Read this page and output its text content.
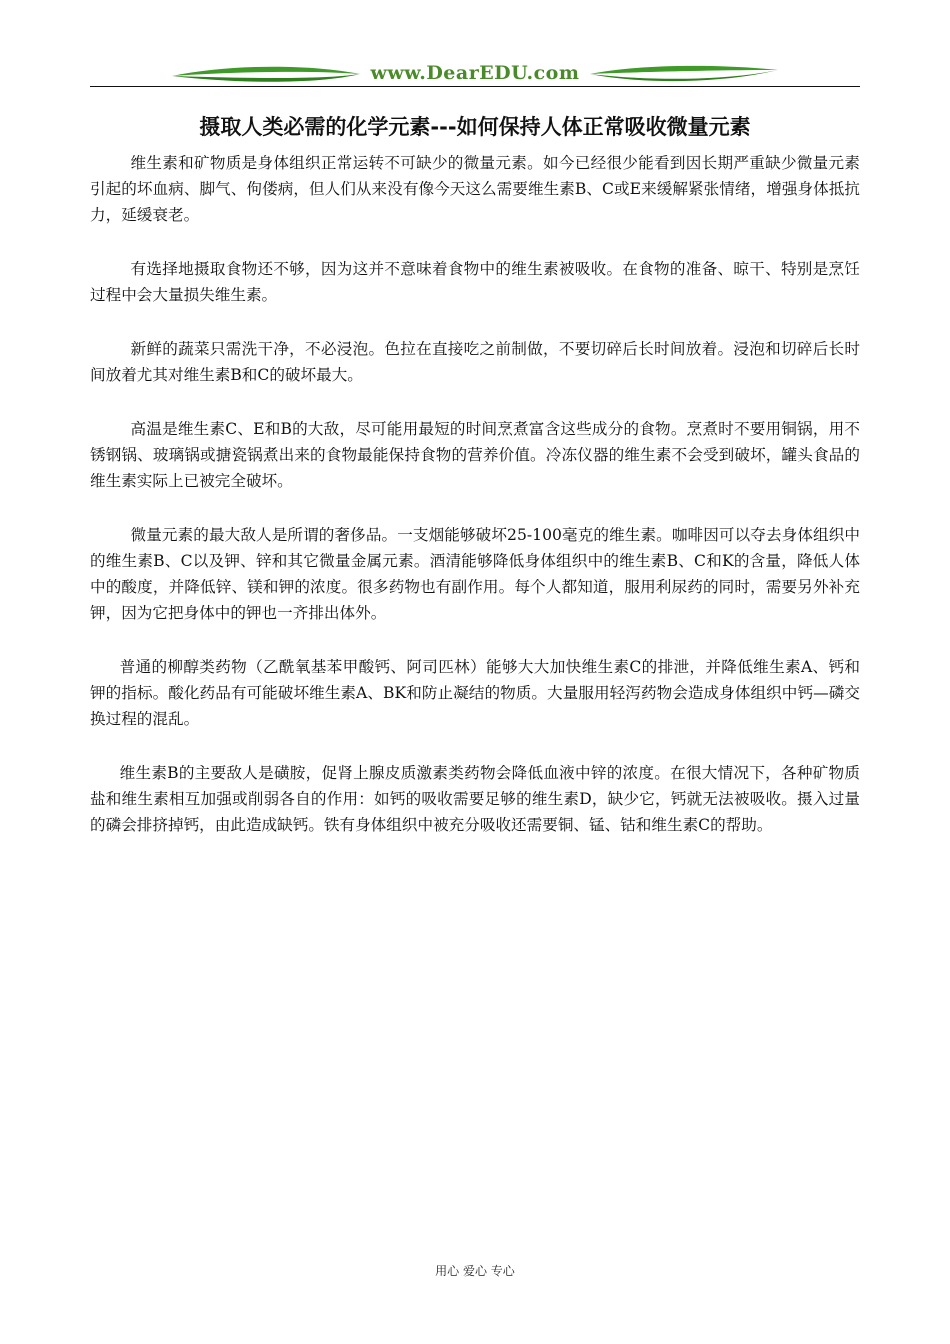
www.DearEDU.com
摄取人类必需的化学元素---如何保持人体正常吸收微量元素

维生素和矿物质是身体组织正常运转不可缺少的微量元素。如今已经很少能看到因长期严重缺少微量元素引起的坏血病、脚气、佝偻病，但人们从来没有像今天这么需要维生素B、C或E来缓解紧张情绪，增强身体抵抗力，延缓衰老。

有选择地摄取食物还不够，因为这并不意味着食物中的维生素被吸收。在食物的准备、晾干、特别是烹饪过程中会大量损失维生素。

新鲜的蔬菜只需洗干净，不必浸泡。色拉在直接吃之前制做，不要切碎后长时间放着。浸泡和切碎后长时间放着尤其对维生素B和C的破坏最大。

高温是维生素C、E和B的大敌，尽可能用最短的时间烹煮富含这些成分的食物。烹煮时不要用铜锅，用不锈钢锅、玻璃锅或搪瓷锅煮出来的食物最能保持食物的营养价值。冷冻仪器的维生素不会受到破坏，罐头食品的维生素实际上已被完全破坏。

微量元素的最大敌人是所谓的奢侈品。一支烟能够破坏25-100毫克的维生素。咖啡因可以夺去身体组织中的维生素B、C以及钾、锌和其它微量金属元素。酒清能够降低身体组织中的维生素B、C和K的含量，降低人体中的酸度，并降低锌、镁和钾的浓度。很多药物也有副作用。每个人都知道，服用利尿药的同时，需要另外补充钾，因为它把身体中的钾也一齐排出体外。

普通的柳醇类药物（乙酰氧基苯甲酸钙、阿司匹林）能够大大加快维生素C的排泄，并降低维生素A、钙和钾的指标。酸化药品有可能破坏维生素A、BK和防止凝结的物质。大量服用轻泻药物会造成身体组织中钙—磷交换过程的混乱。

维生素B的主要敌人是磺胺，促肾上腺皮质激素类药物会降低血液中锌的浓度。在很大情况下，各种矿物质盐和维生素相互加强或削弱各自的作用：如钙的吸收需要足够的维生素D，缺少它，钙就无法被吸收。摄入过量的磷会排挤掉钙，由此造成缺钙。铁有身体组织中被充分吸收还需要铜、锰、钴和维生素C的帮助。

用心 爱心 专心
